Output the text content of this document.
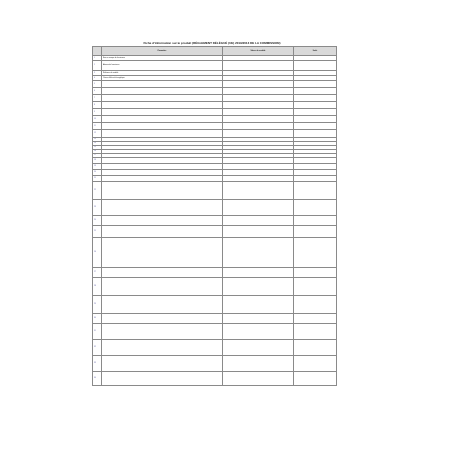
Fiche d'information sur le produit (RÈGLEMENT DÉLÉGUÉ (UE) 2019/2013 DE LA COMMISSION)
	Paramètre	Valeur du modèle	Unité
1	Nom ou marque du fournisseur		
2	Adresse du fournisseur		
3	Référence du modèle		
4	Classe d'efficacité énergétique		
5			
6			
7			
8			
9			
10			
11			
12			
13			
14			
15			
16			
17			
18			
19			
20			
21			
22			
23			
24			
25			
26			
27			
28			
29			
30			
31			
32			
33			
34			
